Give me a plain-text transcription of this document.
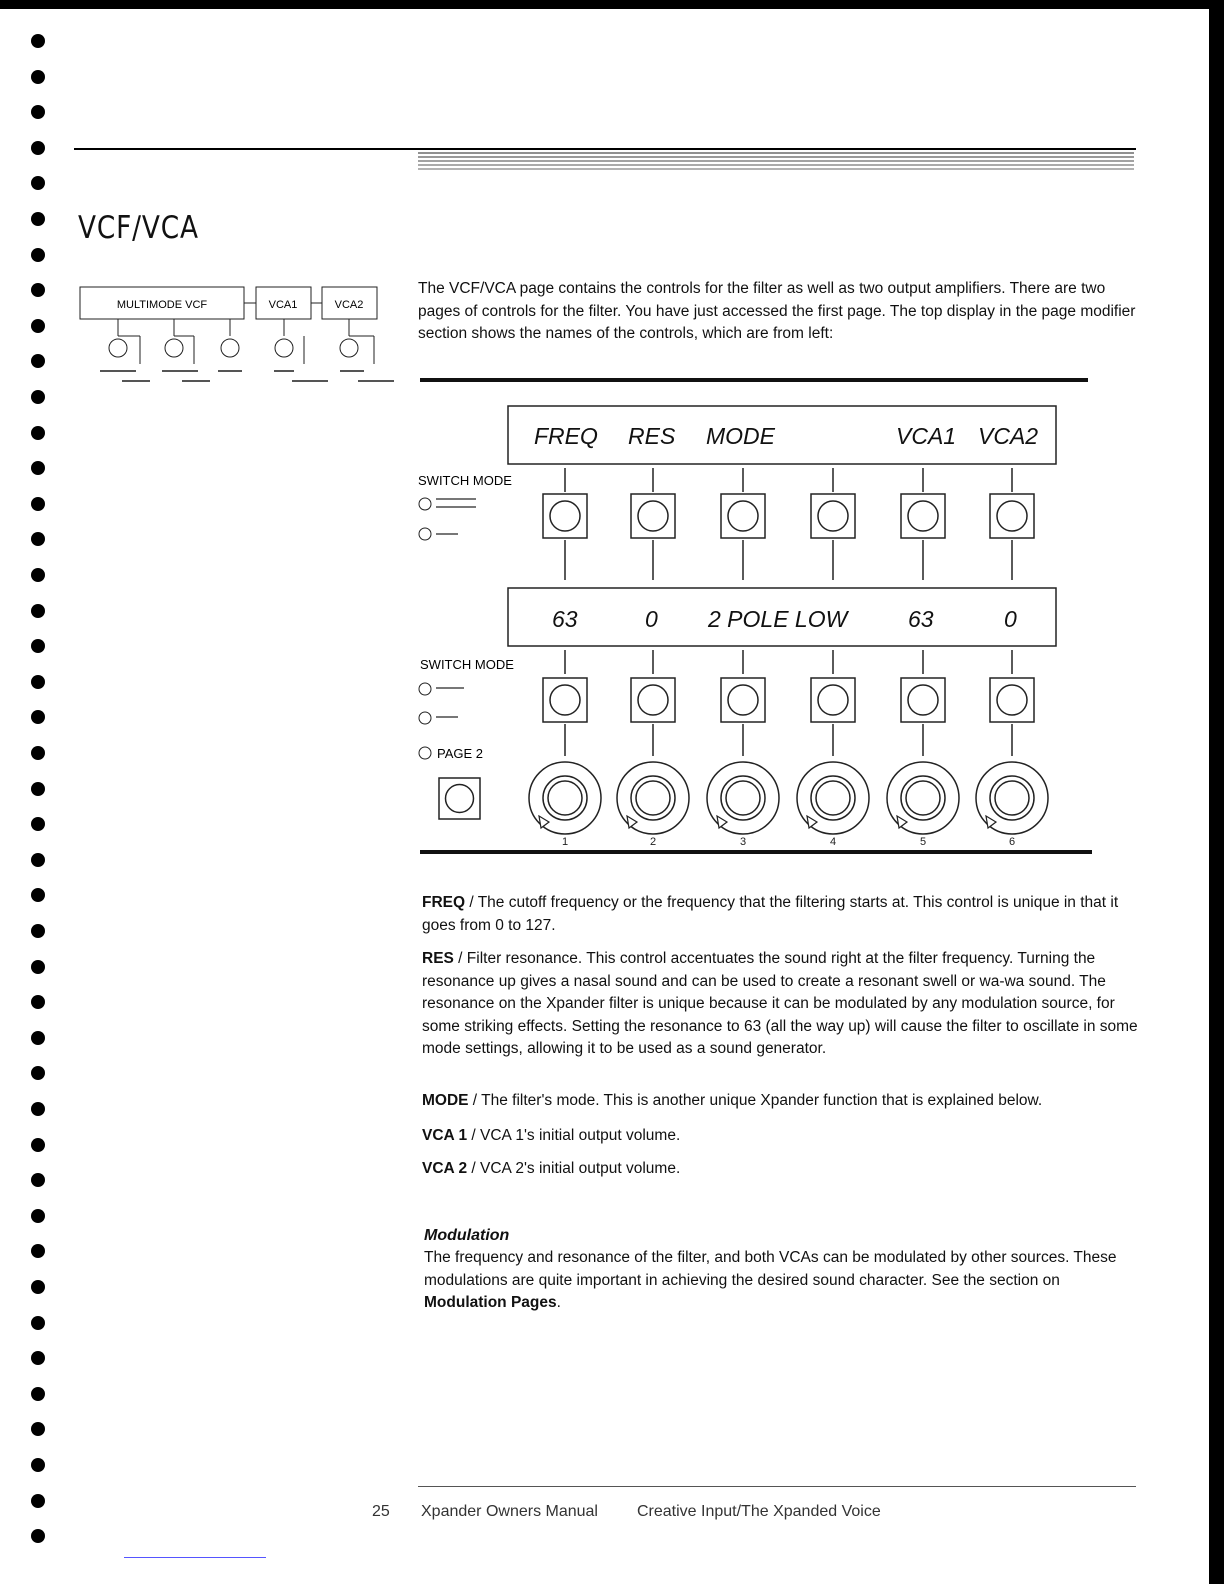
VCF/VCA
MULTIMODE VCF	VCA1	VCA2
The VCF/VCA page contains the controls for the filter as well as two output amplifiers. There are two pages of controls for the filter. You have just accessed the first page. The top display in the page modifier section shows the names of the controls, which are from left:
FREQ RES MODE	VCA1 VCA2
SWITCH MODE
63	0 2 POLE LOW	63	0
SWITCH MODE
PAGE 2
1	2	3	4	5	6
FREQ / The cutoff frequency or the frequency that the filtering starts at. This control is unique in that it goes from 0 to 127.
RES / Filter resonance. This control accentuates the sound right at the filter frequency. Turning the resonance up gives a nasal sound and can be used to create a resonant swell or wa-wa sound. The resonance on the Xpander filter is unique because it can be modulated by any modulation source, for some striking effects. Setting the resonance to 63 (all the way up) will cause the filter to oscillate in some mode settings, allowing it to be used as a sound generator.
MODE / The filter's mode. This is another unique Xpander function that is explained below.
VCA 1 / VCA 1's initial output volume.
VCA 2 / VCA 2's initial output volume.
Modulation
The frequency and resonance of the filter, and both VCAs can be modulated by other sources. These modulations are quite important in achieving the desired sound character. See the section on Modulation Pages.
25 Xpander Owners Manual Creative Input/The Xpanded Voice
